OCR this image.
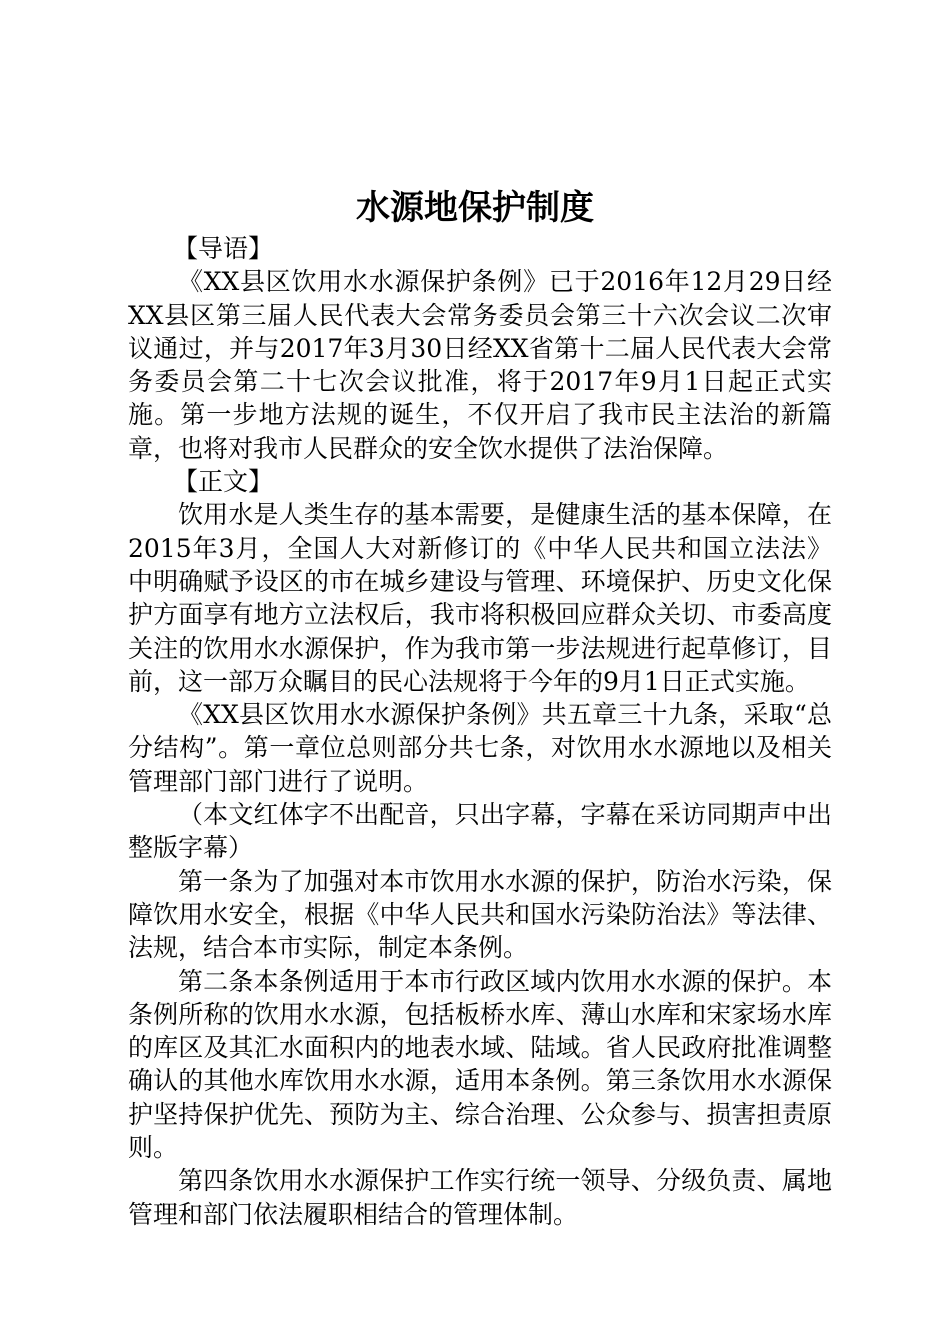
水源地保护制度

【导语】

《XX县区饮用水水源保护条例》已于2016年12月29日经XX县区第三届人民代表大会常务委员会第三十六次会议二次审议通过，并与2017年3月30日经XX省第十二届人民代表大会常务委员会第二十七次会议批准，将于2017年9月1日起正式实施。第一步地方法规的诞生，不仅开启了我市民主法治的新篇章，也将对我市人民群众的安全饮水提供了法治保障。

【正文】

饮用水是人类生存的基本需要，是健康生活的基本保障，在2015年3月，全国人大对新修订的《中华人民共和国立法法》中明确赋予设区的市在城乡建设与管理、环境保护、历史文化保护方面享有地方立法权后，我市将积极回应群众关切、市委高度关注的饮用水水源保护，作为我市第一步法规进行起草修订，目前，这一部万众瞩目的民心法规将于今年的9月1日正式实施。

《XX县区饮用水水源保护条例》共五章三十九条，采取“总分结构”。第一章位总则部分共七条，对饮用水水源地以及相关管理部门部门进行了说明。

（本文红体字不出配音，只出字幕，字幕在采访同期声中出整版字幕）

第一条为了加强对本市饮用水水源的保护，防治水污染，保障饮用水安全，根据《中华人民共和国水污染防治法》等法律、法规，结合本市实际，制定本条例。

第二条本条例适用于本市行政区域内饮用水水源的保护。本条例所称的饮用水水源，包括板桥水库、薄山水库和宋家场水库的库区及其汇水面积内的地表水域、陆域。省人民政府批准调整确认的其他水库饮用水水源，适用本条例。第三条饮用水水源保护坚持保护优先、预防为主、综合治理、公众参与、损害担责原则。

第四条饮用水水源保护工作实行统一领导、分级负责、属地管理和部门依法履职相结合的管理体制。
